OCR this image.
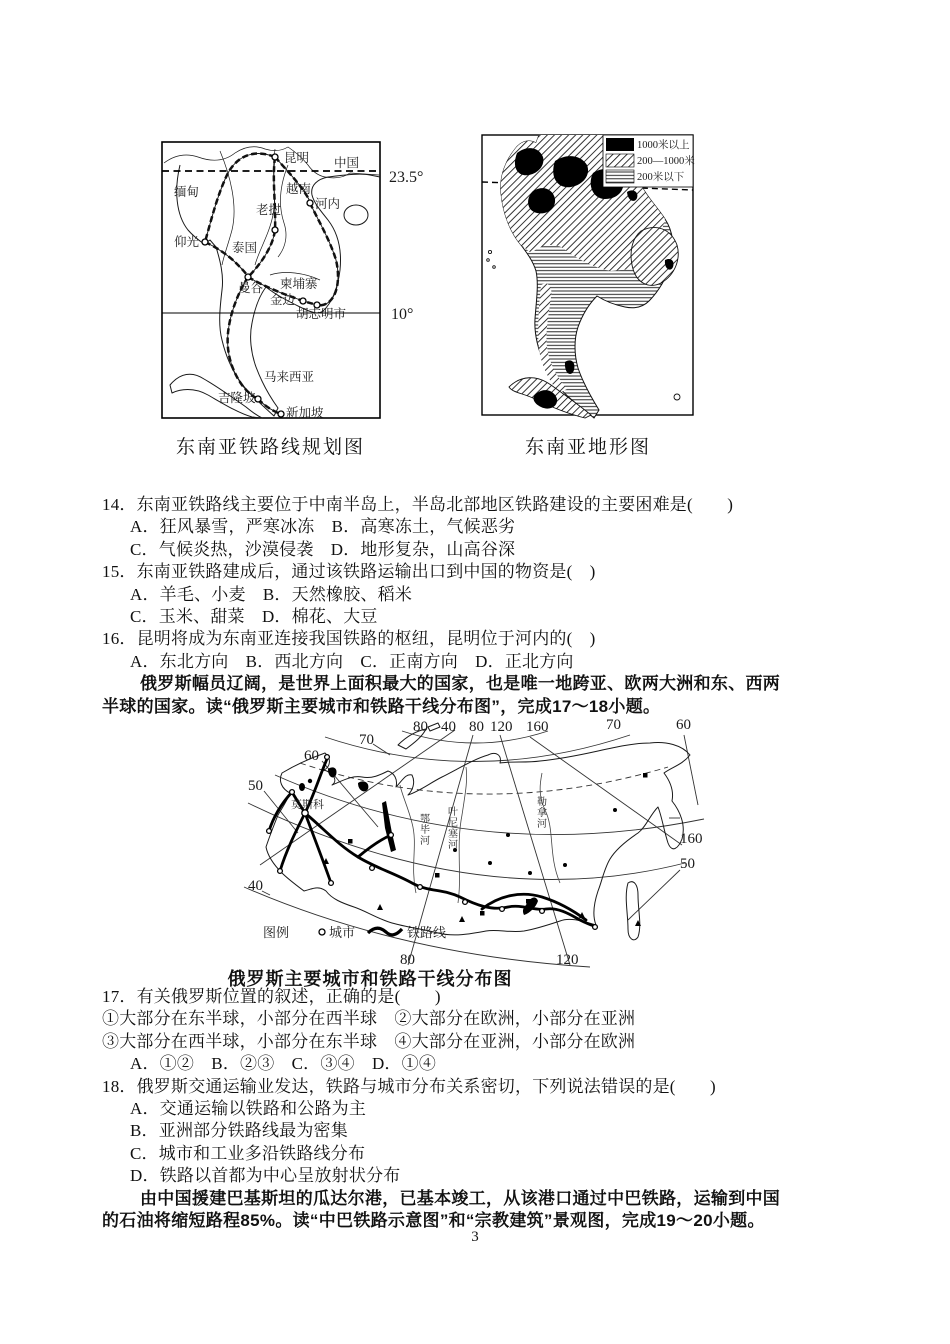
昆明 中国
缅甸	越南
河内
老挝
仰光	泰国
曼谷 柬埔寨
金边
胡志明市
马来西亚
吉隆坡
新加坡
23.5°
10°
东南亚铁路线规划图
1000米以上
200—1000米
200米以下
东南亚地形图
14．东南亚铁路线主要位于中南半岛上，半岛北部地区铁路建设的主要困难是(　　)
A．狂风暴雪，严寒冰冻　B．高寒冻土，气候恶劣
C．气候炎热，沙漠侵袭　D．地形复杂，山高谷深
15．东南亚铁路建成后，通过该铁路运输出口到中国的物资是(　)
A．羊毛、小麦　B．天然橡胶、稻米
C．玉米、甜菜　D．棉花、大豆
16．昆明将成为东南亚连接我国铁路的枢纽，昆明位于河内的(　)
A．东北方向　B．西北方向　C．正南方向　D．正北方向
俄罗斯幅员辽阔，是世界上面积最大的国家，也是唯一地跨亚、欧两大洲和东、西两
半球的国家。读“俄罗斯主要城市和铁路干线分布图”，完成17～18小题。
80 40 80 120 160	70	60
70
60
50
40
160
50
80	120
莫斯科
鄂毕河
叶尼塞河
勒拿河
图例	城市	铁路线
俄罗斯主要城市和铁路干线分布图
17．有关俄罗斯位置的叙述，正确的是(　　)
①大部分在东半球，小部分在西半球　②大部分在欧洲，小部分在亚洲
③大部分在西半球，小部分在东半球　④大部分在亚洲，小部分在欧洲
A．①②　B．②③　C．③④　D．①④
18．俄罗斯交通运输业发达，铁路与城市分布关系密切，下列说法错误的是(　　)
A．交通运输以铁路和公路为主
B．亚洲部分铁路线最为密集
C．城市和工业多沿铁路线分布
D．铁路以首都为中心呈放射状分布
由中国援建巴基斯坦的瓜达尔港，已基本竣工，从该港口通过中巴铁路，运输到中国
的石油将缩短路程85%。读“中巴铁路示意图”和“宗教建筑”景观图，完成19～20小题。
3
